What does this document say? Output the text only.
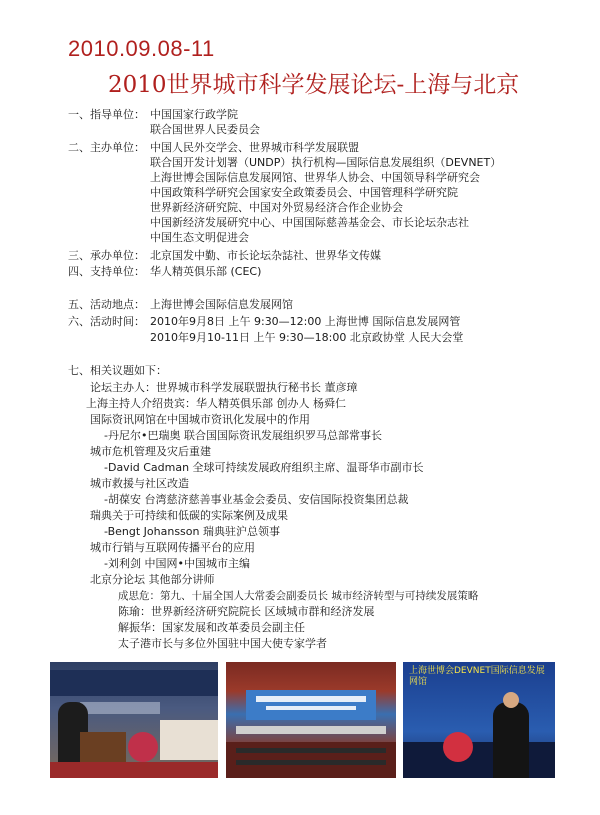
2010.09.08-11
2010世界城市科学发展论坛-上海与北京
一、 指导单位： 中国国家行政学院
联合国世界人民委员会
二、 主办单位： 中国人民外交学会、世界城市科学发展联盟
联合国开发计划署（UNDP）执行机构—国际信息发展组织（DEVNET）
上海世博会国际信息发展网馆、世界华人协会、中国领导科学研究会
中国政策科学研究会国家安全政策委员会、中国管理科学研究院
世界新经济研究院、中国对外贸易经济合作企业协会
中国新经济发展研究中心、中国国际慈善基金会、市长论坛杂志社
中国生态文明促进会
三、 承办单位： 北京国发中勤、市长论坛杂誌社、世界华文传媒
四、 支持单位： 华人精英俱乐部 (CEC)
五、 活动地点： 上海世博会国际信息发展网馆
六、 活动时间： 2010年9月8日 上午 9:30—12:00 上海世博 国际信息发展网管
2010年9月10-11日 上午 9:30—18:00 北京政协堂 人民大会堂
七、 相关议题如下：
论坛主办人：世界城市科学发展联盟执行秘书长 董彦璋
上海主持人介绍贵宾：华人精英俱乐部 创办人 杨舜仁
国际资讯网馆在中国城市资讯化发展中的作用
-丹尼尔•巴瑞奥 联合国国际资讯发展组织罗马总部常事长
城市危机管理及灾后重建
-David Cadman 全球可持续发展政府组织主席、温哥华市副市长
城市救援与社区改造
-胡葆安 台湾慈济慈善事业基金会委员、安信国际投资集团总裁
瑞典关于可持续和低碳的实际案例及成果
-Bengt Johansson 瑞典驻沪总领事
城市行销与互联网传播平台的应用
-刘利剑 中国网•中国城市主编
北京分论坛 其他部分讲师
成思危：第九、十届全国人大常委会副委员长 城市经济转型与可持续发展策略
陈瑜：世界新经济研究院院长 区域城市群和经济发展
解振华：国家发展和改革委员会副主任
太子港市长与多位外国驻中国大使专家学者
上海世博会DEVNET国际信息发展网馆
